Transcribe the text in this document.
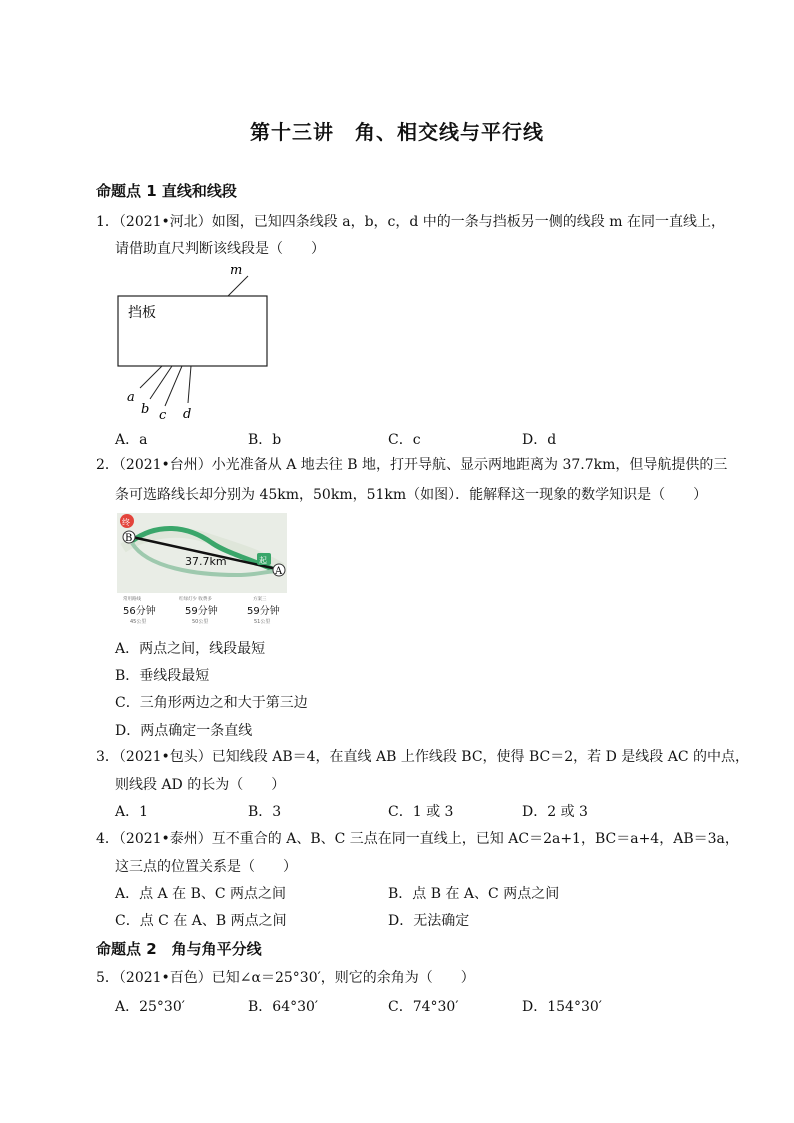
第十三讲　角、相交线与平行线
命题点 1 直线和线段
1．（2021•河北）如图，已知四条线段 a，b，c，d 中的一条与挡板另一侧的线段 m 在同一直线上，
请借助直尺判断该线段是（　　）
挡板
m
a
b c d
A．a	B．b	C．c	D．d
2．（2021•台州）小光准备从 A 地去往 B 地，打开导航、显示两地距离为 37.7km，但导航提供的三
条可选路线长却分别为 45km，50km，51km（如图）．能解释这一现象的数学知识是（　　）
终
B
A
起
37.7km
常用路线
56分钟
45公里
红绿灯少 收费多
59分钟
50公里
方案三
59分钟
51公里
A．两点之间，线段最短
B．垂线段最短
C．三角形两边之和大于第三边
D．两点确定一条直线
3．（2021•包头）已知线段 AB＝4，在直线 AB 上作线段 BC，使得 BC＝2，若 D 是线段 AC 的中点，
则线段 AD 的长为（　　）
A．1	B．3	C．1 或 3	D．2 或 3
4．（2021•泰州）互不重合的 A、B、C 三点在同一直线上，已知 AC＝2a+1，BC＝a+4，AB＝3a，
这三点的位置关系是（　　）
A．点 A 在 B、C 两点之间	B．点 B 在 A、C 两点之间
C．点 C 在 A、B 两点之间	D．无法确定
命题点 2　角与角平分线
5．（2021•百色）已知∠α＝25°30′，则它的余角为（　　）
A．25°30′	B．64°30′	C．74°30′	D．154°30′
